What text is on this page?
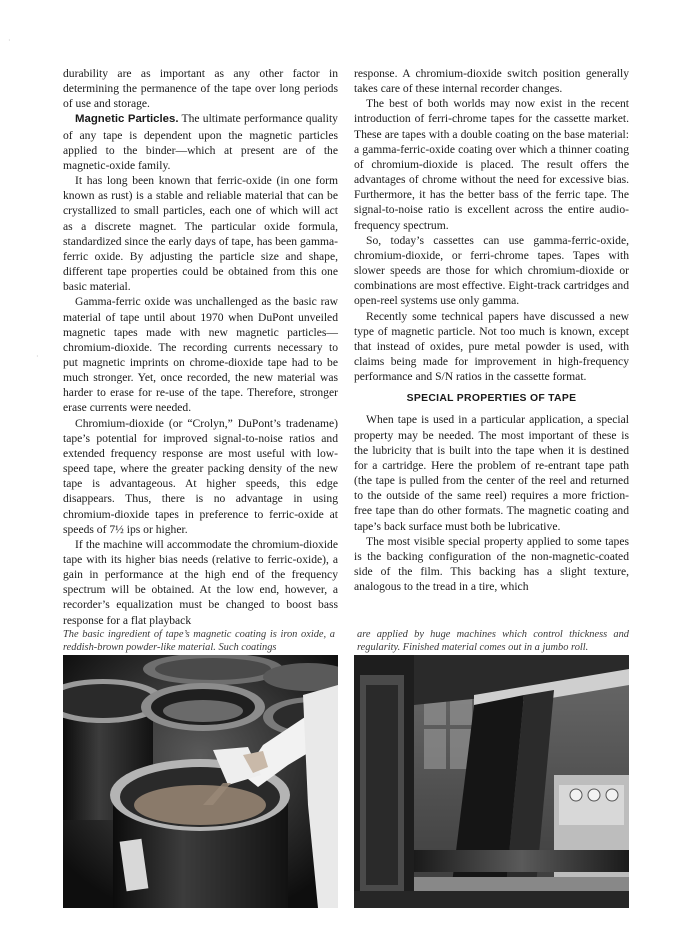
·
·

durability are as important as any other factor in determining the permanence of the tape over long periods of use and storage.

Magnetic Particles. The ultimate performance quality of any tape is dependent upon the magnetic particles applied to the binder—which at present are of the magnetic-oxide family.

It has long been known that ferric-oxide (in one form known as rust) is a stable and reliable material that can be crystallized to small particles, each one of which will act as a discrete magnet. The particular oxide formula, standardized since the early days of tape, has been gamma-ferric oxide. By adjusting the particle size and shape, different tape properties could be obtained from this one basic material.

Gamma-ferric oxide was unchallenged as the basic raw material of tape until about 1970 when DuPont unveiled magnetic tapes made with new magnetic particles—chromium-dioxide. The recording currents necessary to put magnetic imprints on chrome-dioxide tape had to be much stronger. Yet, once recorded, the new material was harder to erase for re-use of the tape. Therefore, stronger erase currents were needed.

Chromium-dioxide (or “Crolyn,” DuPont’s tradename) tape’s potential for improved signal-to-noise ratios and extended frequency response are most useful with low-speed tape, where the greater packing density of the new tape is advantageous. At higher speeds, this edge disappears. Thus, there is no advantage in using chromium-dioxide tapes in preference to ferric-oxide at speeds of 7½ ips or higher.

If the machine will accommodate the chromium-dioxide tape with its higher bias needs (relative to ferric-oxide), a gain in performance at the high end of the frequency spectrum will be obtained. At the low end, however, a recorder’s equalization must be changed to boost bass response for a flat playback

response. A chromium-dioxide switch position generally takes care of these internal recorder changes.

The best of both worlds may now exist in the recent introduction of ferri-chrome tapes for the cassette market. These are tapes with a double coating on the base material: a gamma-ferric-oxide coating over which a thinner coating of chromium-dioxide is placed. The result offers the advantages of chrome without the need for excessive bias. Furthermore, it has the better bass of the ferric tape. The signal-to-noise ratio is excellent across the entire audio-frequency spectrum.

So, today’s cassettes can use gamma-ferric-oxide, chromium-dioxide, or ferri-chrome tapes. Tapes with slower speeds are those for which chromium-dioxide or combinations are most effective. Eight-track cartridges and open-reel systems use only gamma.

Recently some technical papers have discussed a new type of magnetic particle. Not too much is known, except that instead of oxides, pure metal powder is used, with claims being made for improvement in high-frequency performance and S/N ratios in the cassette format.

SPECIAL PROPERTIES OF TAPE

When tape is used in a particular application, a special property may be needed. The most important of these is the lubricity that is built into the tape when it is destined for a cartridge. Here the problem of re-entrant tape path (the tape is pulled from the center of the reel and returned to the outside of the same reel) requires a more friction-free tape than do other formats. The magnetic coating and tape’s back surface must both be lubricative.

The most visible special property applied to some tapes is the backing configuration of the non-magnetic-coated side of the film. This backing has a slight texture, analogous to the tread in a tire, which

The basic ingredient of tape’s magnetic coating is iron oxide, a reddish-brown powder-like material. Such coatings
are applied by huge machines which control thickness and regularity. Finished material comes out in a jumbo roll.
